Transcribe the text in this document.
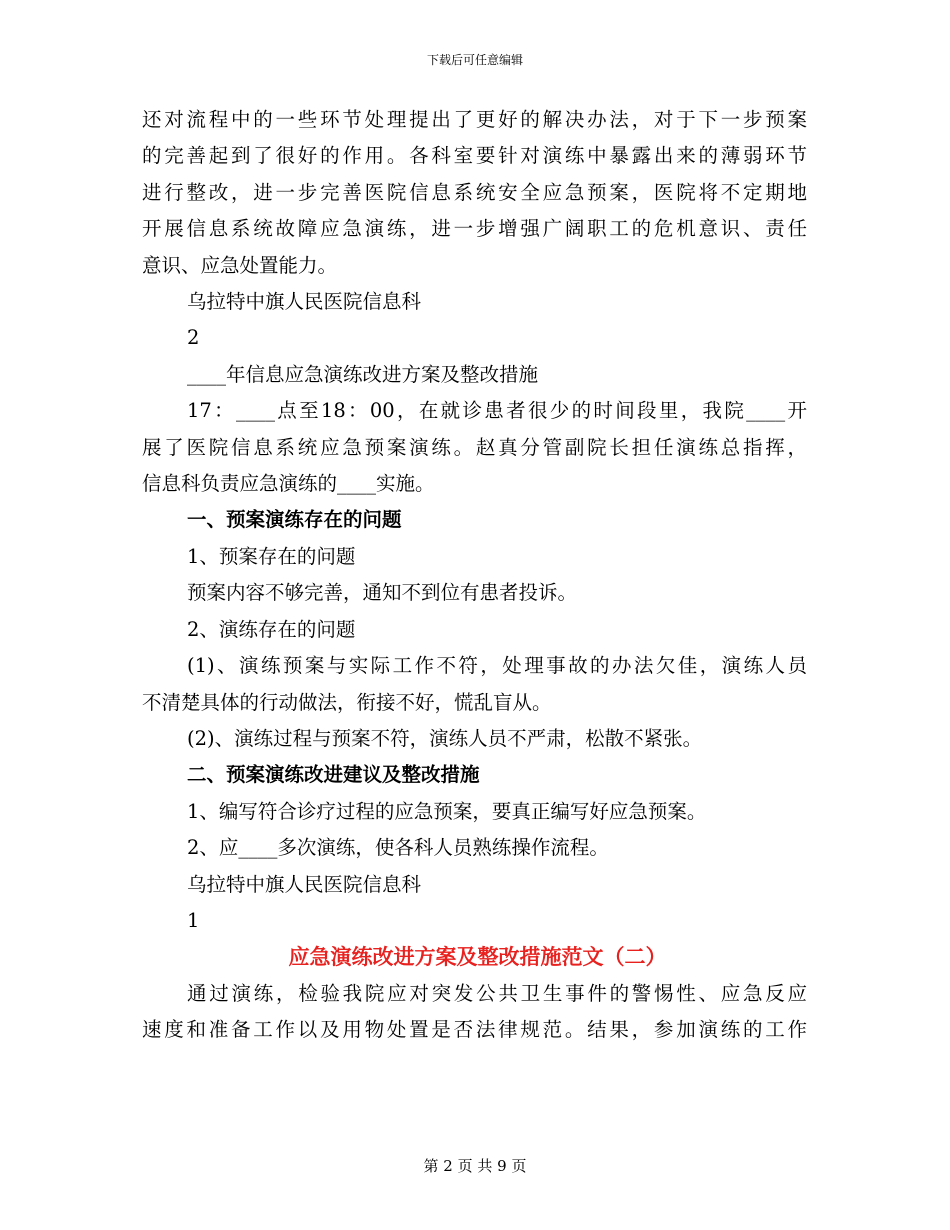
下载后可任意编辑
还对流程中的一些环节处理提出了更好的解决办法，对于下一步预案
的完善起到了很好的作用。各科室要针对演练中暴露出来的薄弱环节
进行整改，进一步完善医院信息系统安全应急预案，医院将不定期地
开展信息系统故障应急演练，进一步增强广阔职工的危机意识、责任
意识、应急处置能力。
乌拉特中旗人民医院信息科
2
____年信息应急演练改进方案及整改措施
17：____点至18：00，在就诊患者很少的时间段里，我院____开
展了医院信息系统应急预案演练。赵真分管副院长担任演练总指挥，
信息科负责应急演练的____实施。
一、预案演练存在的问题
1、预案存在的问题
预案内容不够完善，通知不到位有患者投诉。
2、演练存在的问题
(1)、演练预案与实际工作不符，处理事故的办法欠佳，演练人员
不清楚具体的行动做法，衔接不好，慌乱盲从。
(2)、演练过程与预案不符，演练人员不严肃，松散不紧张。
二、预案演练改进建议及整改措施
1、编写符合诊疗过程的应急预案，要真正编写好应急预案。
2、应____多次演练，使各科人员熟练操作流程。
乌拉特中旗人民医院信息科
1
应急演练改进方案及整改措施范文（二）
通过演练，检验我院应对突发公共卫生事件的警惕性、应急反应
速度和准备工作以及用物处置是否法律规范。结果，参加演练的工作
第 2 页 共 9 页
